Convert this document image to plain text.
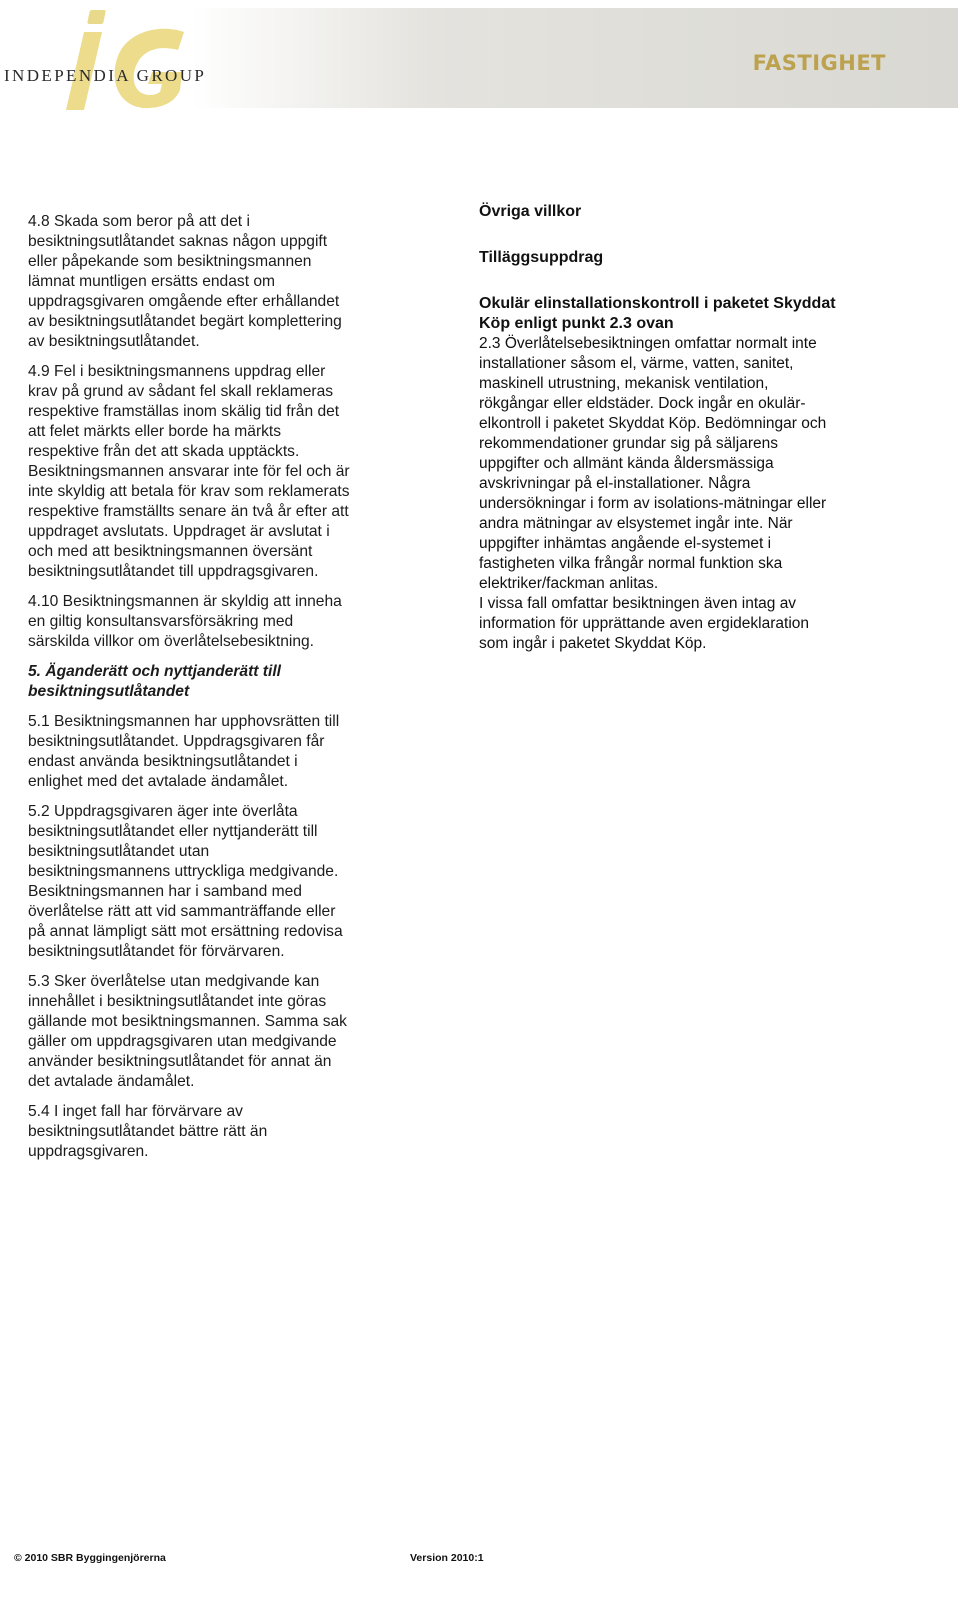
INDEPENDIA GROUP
FASTIGHET

4.8 Skada som beror på att det i
besiktningsutlåtandet saknas någon uppgift
eller påpekande som besiktningsmannen
lämnat muntligen ersätts endast om
uppdragsgivaren omgående efter erhållandet
av besiktningsutlåtandet begärt komplettering
av besiktningsutlåtandet.

4.9 Fel i besiktningsmannens uppdrag eller
krav på grund av sådant fel skall reklameras
respektive framställas inom skälig tid från det
att felet märkts eller borde ha märkts
respektive från det att skada upptäckts.
Besiktningsmannen ansvarar inte för fel och är
inte skyldig att betala för krav som reklamerats
respektive framställts senare än två år efter att
uppdraget avslutats. Uppdraget är avslutat i
och med att besiktningsmannen översänt
besiktningsutlåtandet till uppdragsgivaren.

4.10 Besiktningsmannen är skyldig att inneha
en giltig konsultansvarsförsäkring med
särskilda villkor om överlåtelsebesiktning.

5. Äganderätt och nyttjanderätt till
besiktningsutlåtandet

5.1 Besiktningsmannen har upphovsrätten till
besiktningsutlåtandet. Uppdragsgivaren får
endast använda besiktningsutlåtandet i
enlighet med det avtalade ändamålet.

5.2 Uppdragsgivaren äger inte överlåta
besiktningsutlåtandet eller nyttjanderätt till
besiktningsutlåtandet utan
besiktningsmannens uttryckliga medgivande.
Besiktningsmannen har i samband med
överlåtelse rätt att vid sammanträffande eller
på annat lämpligt sätt mot ersättning redovisa
besiktningsutlåtandet för förvärvaren.

5.3 Sker överlåtelse utan medgivande kan
innehållet i besiktningsutlåtandet inte göras
gällande mot besiktningsmannen. Samma sak
gäller om uppdragsgivaren utan medgivande
använder besiktningsutlåtandet för annat än
det avtalade ändamålet.

5.4 I inget fall har förvärvare av
besiktningsutlåtandet bättre rätt än
uppdragsgivaren.

Övriga villkor

Tilläggsuppdrag

Okulär elinstallationskontroll i paketet Skyddat
Köp enligt punkt 2.3 ovan

2.3 Överlåtelsebesiktningen omfattar normalt inte
installationer såsom el, värme, vatten, sanitet,
maskinell utrustning, mekanisk ventilation,
rökgångar eller eldstäder. Dock ingår en okulär-
elkontroll i paketet Skyddat Köp. Bedömningar och
rekommendationer grundar sig på säljarens
uppgifter och allmänt kända åldersmässiga
avskrivningar på el-installationer. Några
undersökningar i form av isolations-mätningar eller
andra mätningar av elsystemet ingår inte. När
uppgifter inhämtas angående el-systemet i
fastigheten vilka frångår normal funktion ska
elektriker/fackman anlitas.
I vissa fall omfattar besiktningen även intag av
information för upprättande aven ergideklaration
som ingår i paketet Skyddat Köp.

© 2010 SBR Byggingenjörerna	Version 2010:1
